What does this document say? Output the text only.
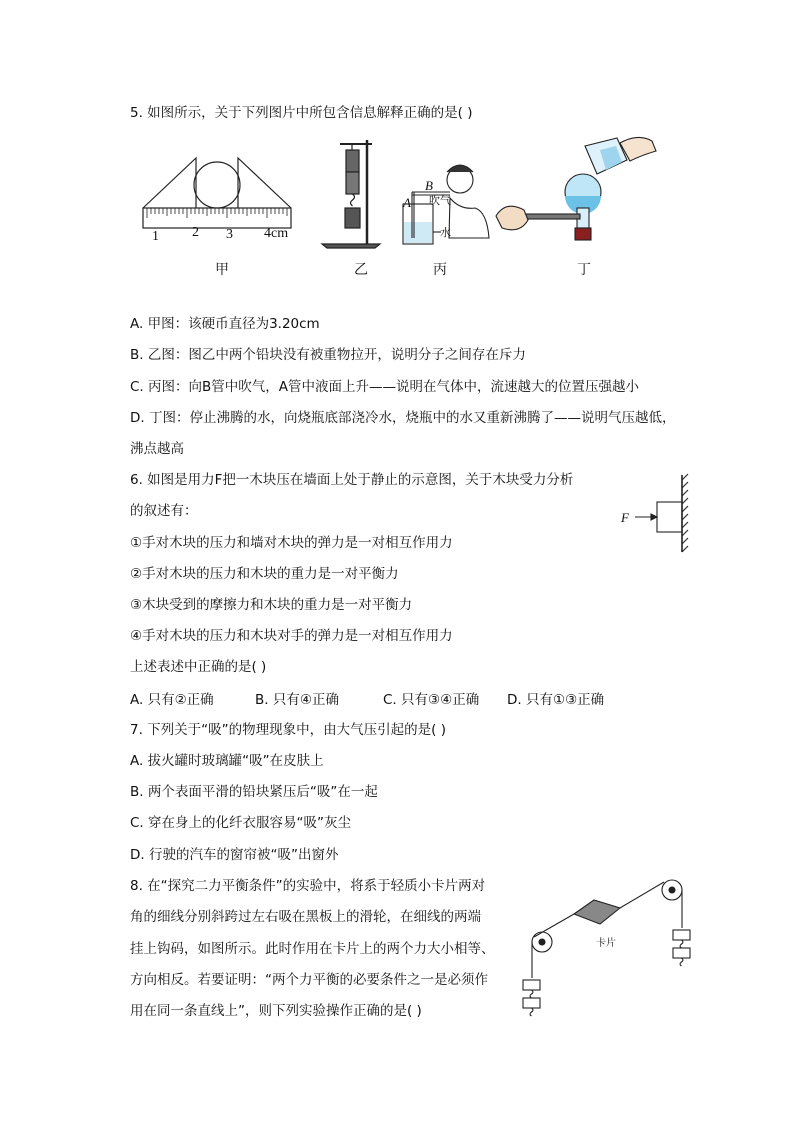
5. 如图所示，关于下列图片中所包含信息解释正确的是( )
1 2 3 4cm
B
A 吹气
水
甲	乙	丙	丁
A. 甲图：该硬币直径为3.20cm
B. 乙图：图乙中两个铅块没有被重物拉开，说明分子之间存在斥力
C. 丙图：向B管中吹气，A管中液面上升——说明在气体中，流速越大的位置压强越小
D. 丁图：停止沸腾的水，向烧瓶底部浇冷水，烧瓶中的水又重新沸腾了——说明气压越低，
沸点越高
6. 如图是用力F把一木块压在墙面上处于静止的示意图，关于木块受力分析
的叙述有：
①手对木块的压力和墙对木块的弹力是一对相互作用力
②手对木块的压力和木块的重力是一对平衡力
③木块受到的摩擦力和木块的重力是一对平衡力
④手对木块的压力和木块对手的弹力是一对相互作用力
上述表述中正确的是( )
A. 只有②正确	B. 只有④正确	C. 只有③④正确 D. 只有①③正确
F
7. 下列关于“吸”的物理现象中，由大气压引起的是( )
A. 拔火罐时玻璃罐“吸”在皮肤上
B. 两个表面平滑的铅块紧压后“吸”在一起
C. 穿在身上的化纤衣服容易“吸”灰尘
D. 行驶的汽车的窗帘被“吸”出窗外
8. 在“探究二力平衡条件”的实验中，将系于轻质小卡片两对
角的细线分别斜跨过左右吸在黑板上的滑轮，在细线的两端
挂上钩码，如图所示。此时作用在卡片上的两个力大小相等、
方向相反。若要证明：“两个力平衡的必要条件之一是必须作
用在同一条直线上”，则下列实验操作正确的是( )
卡片
